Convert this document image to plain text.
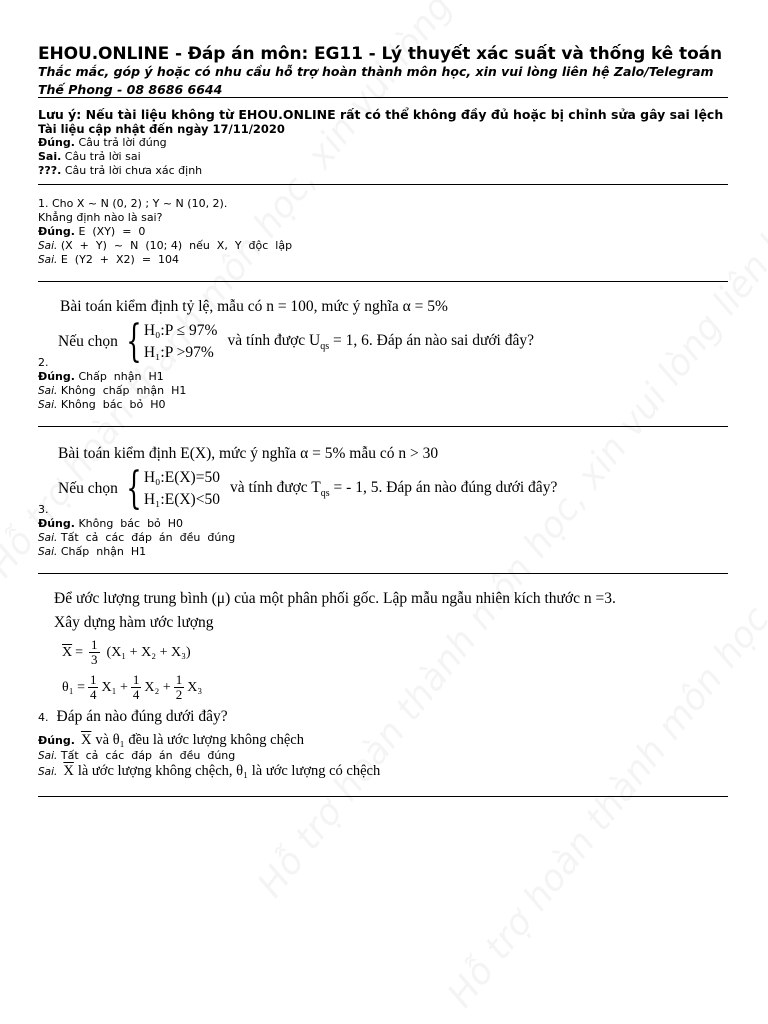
EHOU.ONLINE - Đáp án môn: EG11 - Lý thuyết xác suất và thống kê toán
Thắc mắc, góp ý hoặc có nhu cầu hỗ trợ hoàn thành môn học, xin vui lòng liên hệ Zalo/Telegram
Thế Phong - 08 8686 6644
Lưu ý: Nếu tài liệu không từ EHOU.ONLINE rất có thể không đầy đủ hoặc bị chỉnh sửa gây sai lệch
Tài liệu cập nhật đến ngày 17/11/2020
Đúng. Câu trả lời đúng
Sai. Câu trả lời sai
???. Câu trả lời chưa xác định
1. Cho X ~ N (0, 2) ; Y ~ N (10, 2).
Khẳng định nào là sai?
Đúng. E  (XY)  =  0
Sai. (X  +  Y)  ~  N  (10; 4)  nếu  X,  Y  độc  lập
Sai. E  (Y2  +  X2)  =  104
Bài toán kiểm định tỷ lệ, mẫu có n = 100, mức ý nghĩa α = 5%
Nếu chọn { H₀:P ≤ 97%
H₁:P >97%
và tính được $U_{qs} = 1$, 6. Đáp án nào sai dưới đây?
2.
Đúng. Chấp  nhận  H1
Sai. Không  chấp  nhận  H1
Sai. Không  bác  bỏ  H0
Bài toán kiểm định E(X), mức ý nghĩa α = 5% mẫu có n > 30
Nếu chọn { H₀:E(X)=50
H₁:E(X)<50
và tính được $T_{qs}$ = - 1, 5. Đáp án nào đúng dưới đây?
3.
Đúng. Không  bác  bỏ  H0
Sai. Tất  cả  các  đáp  án  đều  đúng
Sai. Chấp  nhận  H1
Để ước lượng trung bình (μ) của một phân phối gốc. Lập mẫu ngẫu nhiên kích thước n =3.
Xây dựng hàm ước lượng
$\overline{X} = \frac{1}{3} (X_1 + X_2 + X_3)$
$\theta_1 = \frac{1}{4} X_1 + \frac{1}{4} X_2 + \frac{1}{2} X_3$
4. Đáp án nào đúng dưới đây?
Đúng. $\overline{X}$ và θ₁ đều là ước lượng không chệch
Sai. Tất  cả  các  đáp  án  đều  đúng
Sai. $\overline{X}$ là ước lượng không chệch, θ₁ là ước lượng có chệch
